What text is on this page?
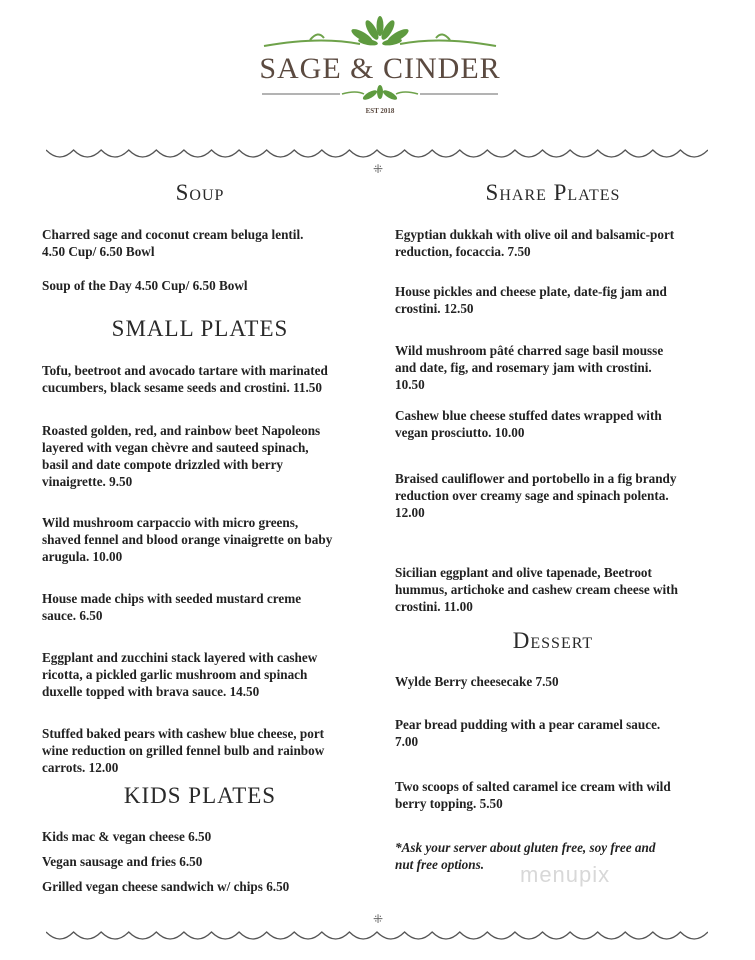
SAGE & CINDER
EST 2018
⁜
Soup
Charred sage and coconut cream beluga lentil.
4.50 Cup/ 6.50 Bowl
Soup of the Day 4.50 Cup/ 6.50 Bowl
SMALL PLATES
Tofu, beetroot and avocado tartare with marinated
cucumbers, black sesame seeds and crostini. 11.50
Roasted golden, red, and rainbow beet Napoleons
layered with vegan chèvre and sauteed spinach,
basil and date compote drizzled with berry
vinaigrette. 9.50
Wild mushroom carpaccio with micro greens,
shaved fennel and blood orange vinaigrette on baby
arugula. 10.00
House made chips with seeded mustard creme
sauce. 6.50
Eggplant and zucchini stack layered with cashew
ricotta, a pickled garlic mushroom and spinach
duxelle topped with brava sauce. 14.50
Stuffed baked pears with cashew blue cheese, port
wine reduction on grilled fennel bulb and rainbow
carrots. 12.00
KIDS PLATES
Kids mac & vegan cheese 6.50
Vegan sausage and fries 6.50
Grilled vegan cheese sandwich w/ chips 6.50
Share Plates
Egyptian dukkah with olive oil and balsamic-port
reduction, focaccia. 7.50
House pickles and cheese plate, date-fig jam and
crostini. 12.50
Wild mushroom pâté charred sage basil mousse
and date, fig, and rosemary jam with crostini.
10.50
Cashew blue cheese stuffed dates wrapped with
vegan prosciutto. 10.00
Braised cauliflower and portobello in a fig brandy
reduction over creamy sage and spinach polenta.
12.00
Sicilian eggplant and olive tapenade, Beetroot
hummus, artichoke and cashew cream cheese with
crostini. 11.00
Dessert
Wylde Berry cheesecake 7.50
Pear bread pudding with a pear caramel sauce.
7.00
Two scoops of salted caramel ice cream with wild
berry topping. 5.50
*Ask your server about gluten free, soy free and
nut free options.
⁜
menupix
